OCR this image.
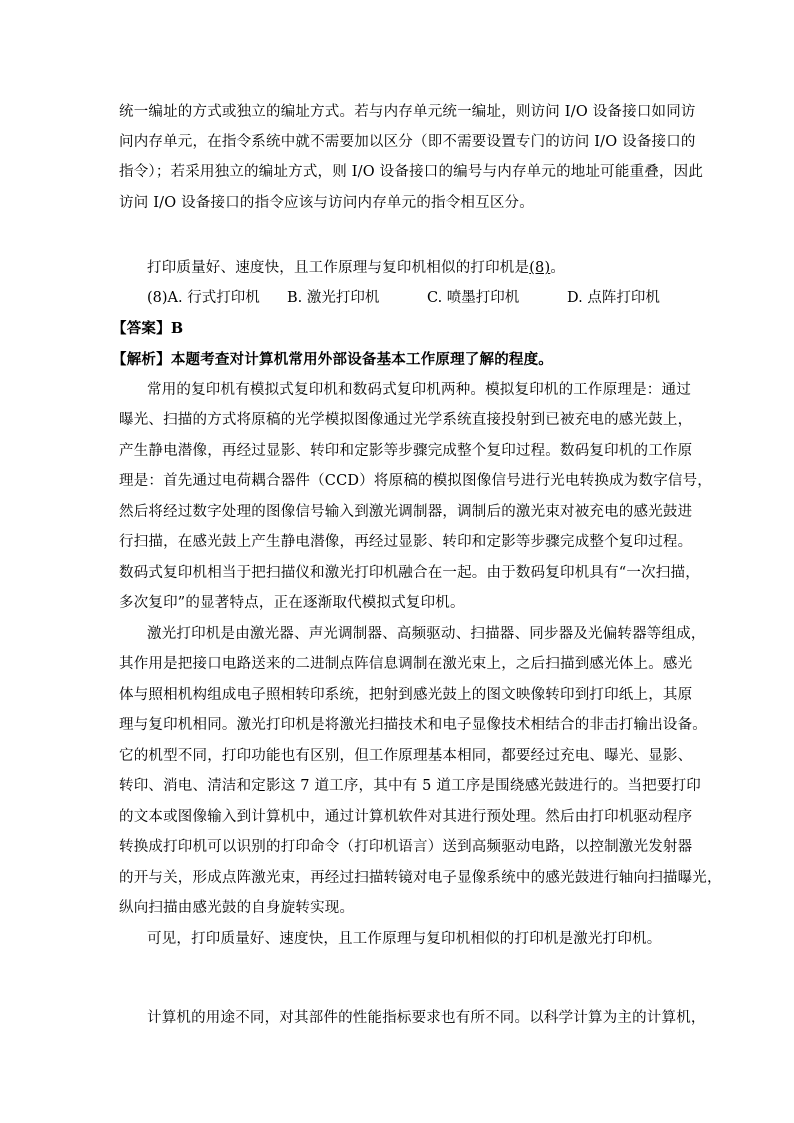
统一编址的方式或独立的编址方式。若与内存单元统一编址，则访问 I/O 设备接口如同访
问内存单元，在指令系统中就不需要加以区分（即不需要设置专门的访问 I/O 设备接口的
指令）；若采用独立的编址方式，则 I/O 设备接口的编号与内存单元的地址可能重叠，因此
访问 I/O 设备接口的指令应该与访问内存单元的指令相互区分。
打印质量好、速度快，且工作原理与复印机相似的打印机是(8)。
(8)A. 行式打印机 B. 激光打印机	C. 喷墨打印机	D. 点阵打印机
【答案】B
【解析】本题考查对计算机常用外部设备基本工作原理了解的程度。
常用的复印机有模拟式复印机和数码式复印机两种。模拟复印机的工作原理是：通过
曝光、扫描的方式将原稿的光学模拟图像通过光学系统直接投射到已被充电的感光鼓上，
产生静电潜像，再经过显影、转印和定影等步骤完成整个复印过程。数码复印机的工作原
理是：首先通过电荷耦合器件（CCD）将原稿的模拟图像信号进行光电转换成为数字信号，
然后将经过数字处理的图像信号输入到激光调制器，调制后的激光束对被充电的感光鼓进
行扫描，在感光鼓上产生静电潜像，再经过显影、转印和定影等步骤完成整个复印过程。
数码式复印机相当于把扫描仪和激光打印机融合在一起。由于数码复印机具有“一次扫描，
多次复印”的显著特点，正在逐渐取代模拟式复印机。
激光打印机是由激光器、声光调制器、高频驱动、扫描器、同步器及光偏转器等组成，
其作用是把接口电路送来的二进制点阵信息调制在激光束上，之后扫描到感光体上。感光
体与照相机构组成电子照相转印系统，把射到感光鼓上的图文映像转印到打印纸上，其原
理与复印机相同。激光打印机是将激光扫描技术和电子显像技术相结合的非击打输出设备。
它的机型不同，打印功能也有区别，但工作原理基本相同，都要经过充电、曝光、显影、
转印、消电、清洁和定影这 7 道工序，其中有 5 道工序是围绕感光鼓进行的。当把要打印
的文本或图像输入到计算机中，通过计算机软件对其进行预处理。然后由打印机驱动程序
转换成打印机可以识别的打印命令（打印机语言）送到高频驱动电路，以控制激光发射器
的开与关，形成点阵激光束，再经过扫描转镜对电子显像系统中的感光鼓进行轴向扫描曝光，
纵向扫描由感光鼓的自身旋转实现。
可见，打印质量好、速度快，且工作原理与复印机相似的打印机是激光打印机。
计算机的用途不同，对其部件的性能指标要求也有所不同。以科学计算为主的计算机，
